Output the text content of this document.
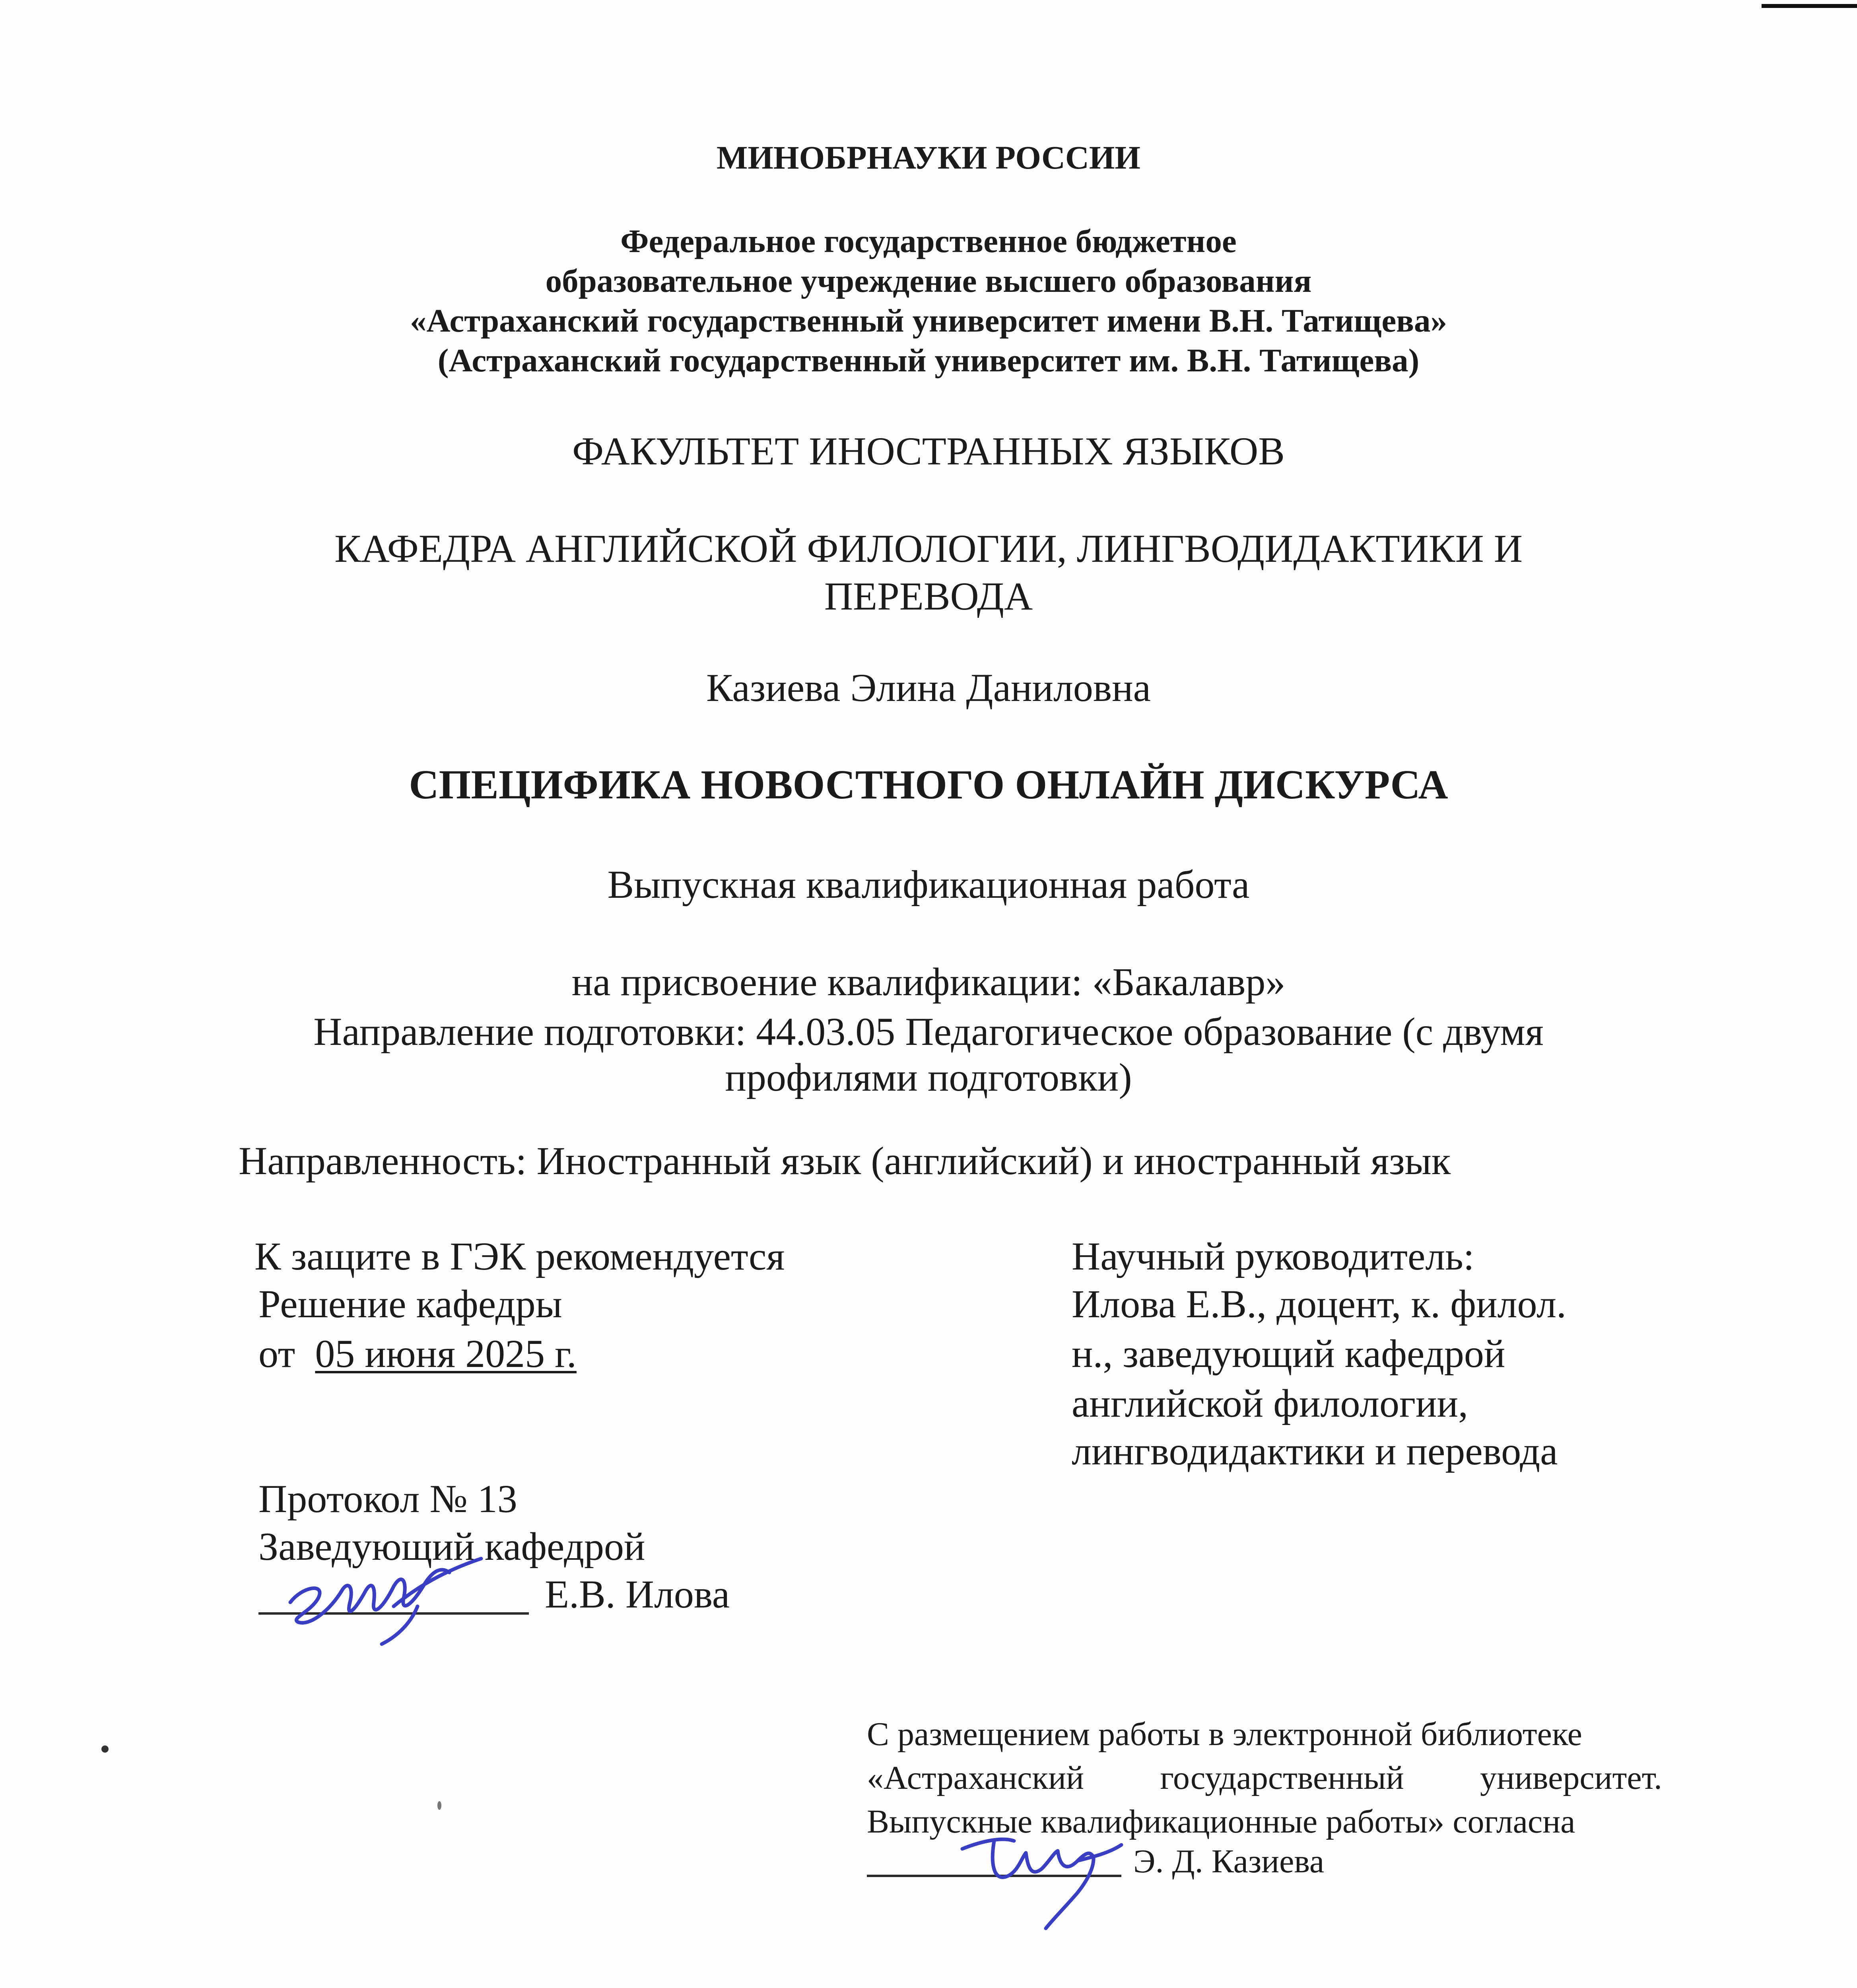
МИНОБРНАУКИ РОССИИ
Федеральное государственное бюджетное
образовательное учреждение высшего образования
«Астраханский государственный университет имени В.Н. Татищева»
(Астраханский государственный университет им. В.Н. Татищева)
ФАКУЛЬТЕТ ИНОСТРАННЫХ ЯЗЫКОВ
КАФЕДРА АНГЛИЙСКОЙ ФИЛОЛОГИИ, ЛИНГВОДИДАКТИКИ И
ПЕРЕВОДА
Казиева Элина Даниловна
СПЕЦИФИКА НОВОСТНОГО ОНЛАЙН ДИСКУРСА
Выпускная квалификационная работа
на присвоение квалификации: «Бакалавр»
Направление подготовки: 44.03.05 Педагогическое образование (с двумя
профилями подготовки)
Направленность: Иностранный язык (английский) и иностранный язык
К защите в ГЭК рекомендуется
Решение кафедры
от 05 июня 2025 г.
Протокол № 13
Заведующий кафедрой
Е.В. Илова
Научный руководитель:
Илова Е.В., доцент, к. филол.
н., заведующий кафедрой
английской филологии,
лингводидактики и перевода
С размещением работы в электронной библиотеке
«Астраханский государственный университет.
Выпускные квалификационные работы» согласна
Э. Д. Казиева
